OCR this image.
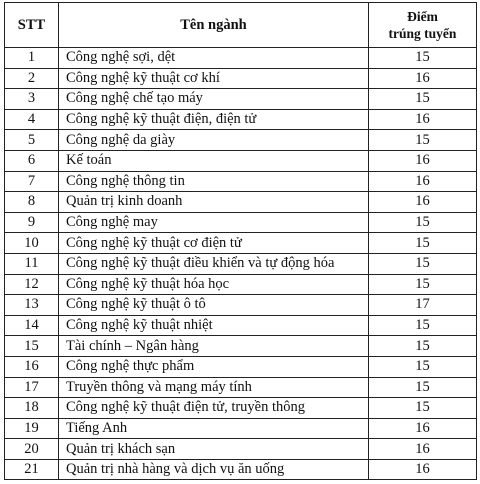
STT	Tên ngành	Điểm
trúng tuyển

1	Công nghệ sợi, dệt	15
2	Công nghệ kỹ thuật cơ khí	16
3	Công nghệ chế tạo máy	15
4	Công nghệ kỹ thuật điện, điện tử	16
5	Công nghệ da giày	15
6	Kế toán	16
7	Công nghệ thông tin	16
8	Quản trị kinh doanh	16
9	Công nghệ may	15
10	Công nghệ kỹ thuật cơ điện tử	15
11	Công nghệ kỹ thuật điều khiển và tự động hóa	15
12	Công nghệ kỹ thuật hóa học	15
13	Công nghệ kỹ thuật ô tô	17
14	Công nghệ kỹ thuật nhiệt	15
15	Tài chính – Ngân hàng	15
16	Công nghệ thực phẩm	15
17	Truyền thông và mạng máy tính	15
18	Công nghệ kỹ thuật điện tử, truyền thông	15
19	Tiếng Anh	16
20	Quản trị khách sạn	16
21	Quản trị nhà hàng và dịch vụ ăn uống	16
